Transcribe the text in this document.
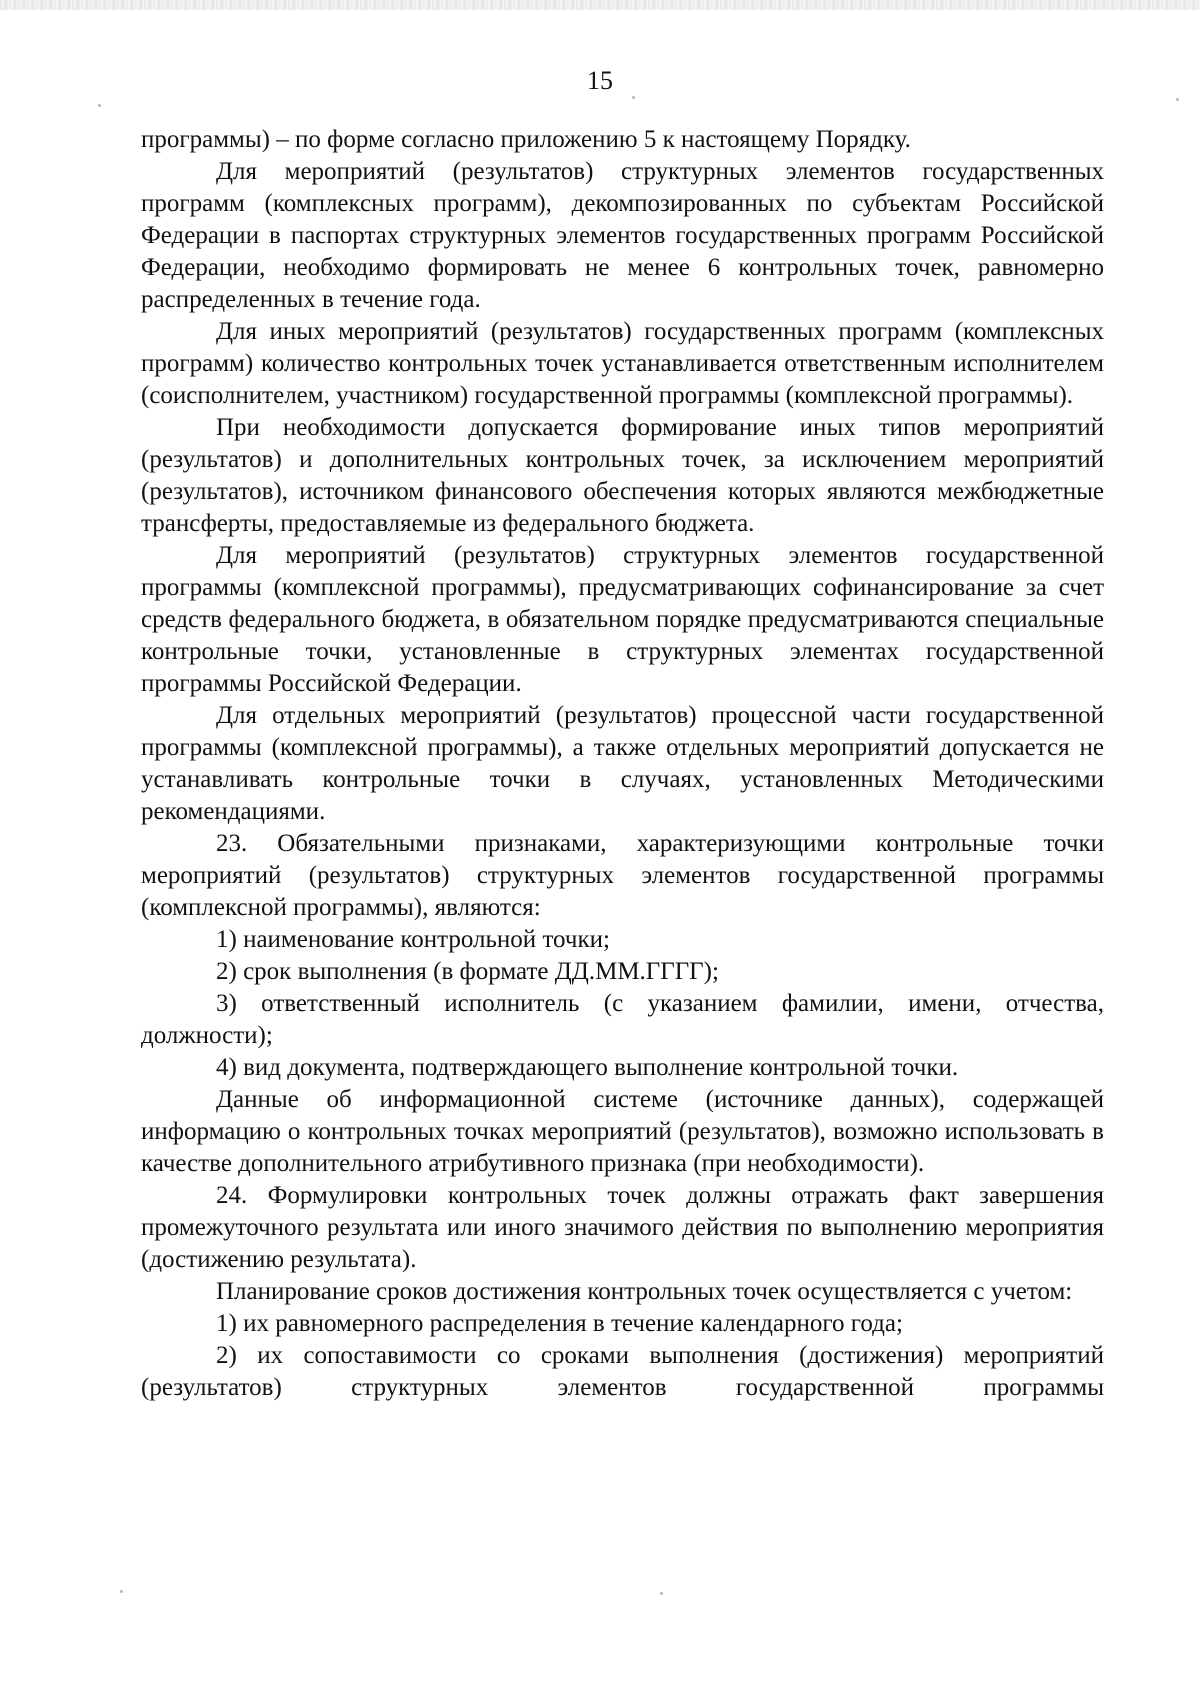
15

программы) – по форме согласно приложению 5 к настоящему Порядку.

Для мероприятий (результатов) структурных элементов государственных программ (комплексных программ), декомпозированных по субъектам Российской Федерации в паспортах структурных элементов государственных программ Российской Федерации, необходимо формировать не менее 6 контрольных точек, равномерно распределенных в течение года.

Для иных мероприятий (результатов) государственных программ (комплексных программ) количество контрольных точек устанавливается ответственным исполнителем (соисполнителем, участником) государственной программы (комплексной программы).

При необходимости допускается формирование иных типов мероприятий (результатов) и дополнительных контрольных точек, за исключением мероприятий (результатов), источником финансового обеспечения которых являются межбюджетные трансферты, предоставляемые из федерального бюджета.

Для мероприятий (результатов) структурных элементов государственной программы (комплексной программы), предусматривающих софинансирование за счет средств федерального бюджета, в обязательном порядке предусматриваются специальные контрольные точки, установленные в структурных элементах государственной программы Российской Федерации.

Для отдельных мероприятий (результатов) процессной части государственной программы (комплексной программы), а также отдельных мероприятий допускается не устанавливать контрольные точки в случаях, установленных Методическими рекомендациями.

23. Обязательными признаками, характеризующими контрольные точки мероприятий (результатов) структурных элементов государственной программы (комплексной программы), являются:

1) наименование контрольной точки;

2) срок выполнения (в формате ДД.ММ.ГГГГ);

3) ответственный исполнитель (с указанием фамилии, имени, отчества, должности);

4) вид документа, подтверждающего выполнение контрольной точки.

Данные об информационной системе (источнике данных), содержащей информацию о контрольных точках мероприятий (результатов), возможно использовать в качестве дополнительного атрибутивного признака (при необходимости).

24. Формулировки контрольных точек должны отражать факт завершения промежуточного результата или иного значимого действия по выполнению мероприятия (достижению результата).

Планирование сроков достижения контрольных точек осуществляется с учетом:

1) их равномерного распределения в течение календарного года;

2) их сопоставимости со сроками выполнения (достижения) мероприятий (результатов) структурных элементов государственной программы
